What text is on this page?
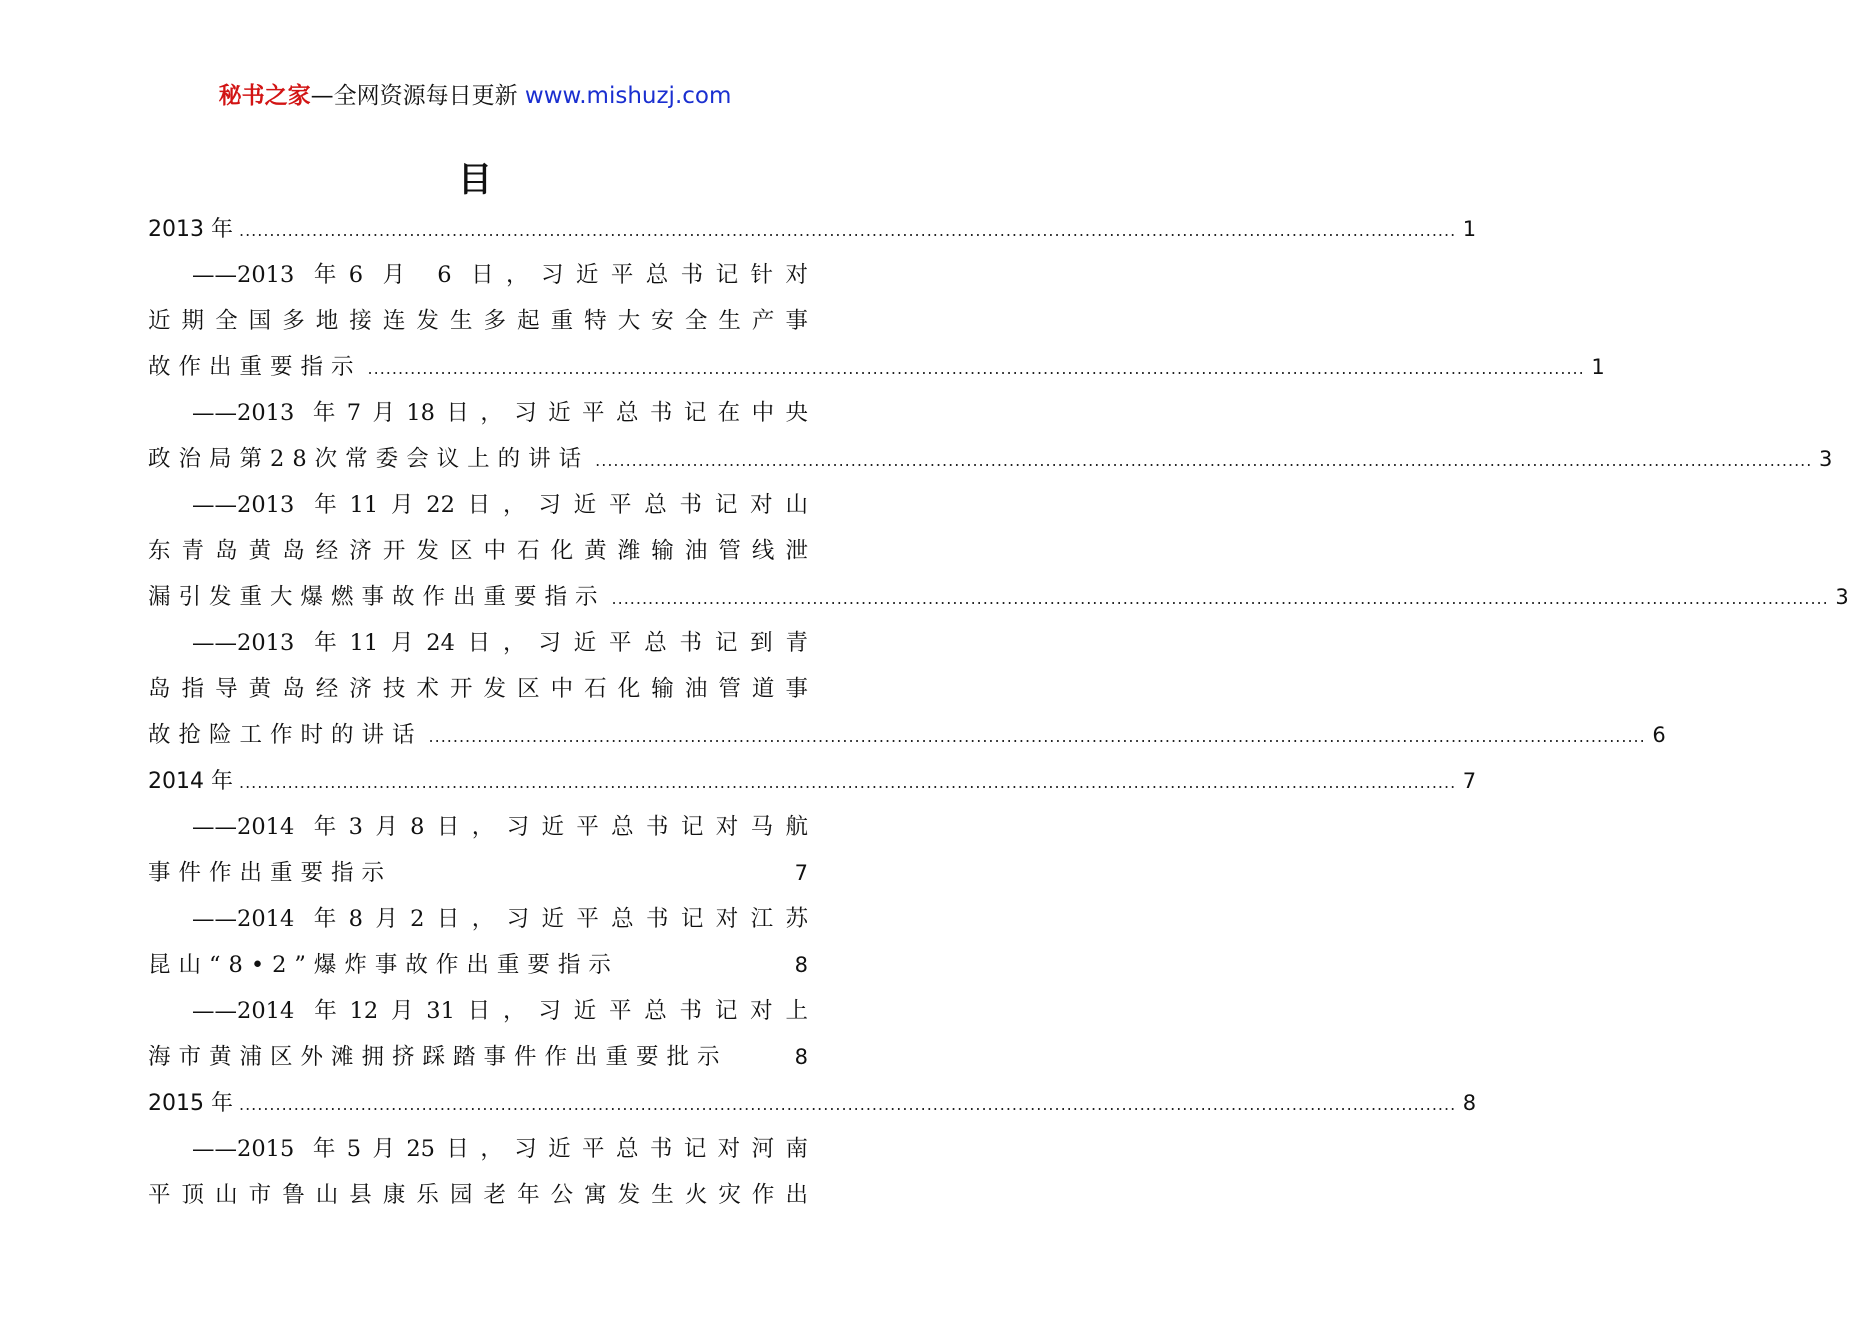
秘书之家—全网资源每日更新 www.mishuzj.com
目
2013 年 ........................................................................................................................................................................................................ 1
——2013 年6 月 6 日，习近平总书记针对
近期全国多地接连发生多起重特大安全生产事
故作出重要指示 ........................................................................................................................................................................................................ 1
——2013 年7月18日，习近平总书记在中央
政治局第28次常委会议上的讲话 ........................................................................................................................................................................................................ 3
——2013 年11月22日，习近平总书记对山
东青岛黄岛经济开发区中石化黄潍输油管线泄
漏引发重大爆燃事故作出重要指示 ........................................................................................................................................................................................................ 3
——2013 年11月24日，习近平总书记到青
岛指导黄岛经济技术开发区中石化输油管道事
故抢险工作时的讲话 ........................................................................................................................................................................................................ 6
2014 年 ........................................................................................................................................................................................................ 7
——2014 年3月8日，习近平总书记对马航
事件作出重要指示	7
——2014 年8月2日，习近平总书记对江苏
昆山“8•2”爆炸事故作出重要指示	8
——2014 年12月31日，习近平总书记对上
海市黄浦区外滩拥挤踩踏事件作出重要批示	8
2015 年 ........................................................................................................................................................................................................ 8
——2015 年5月25日，习近平总书记对河南
平顶山市鲁山县康乐园老年公寓发生火灾作出
